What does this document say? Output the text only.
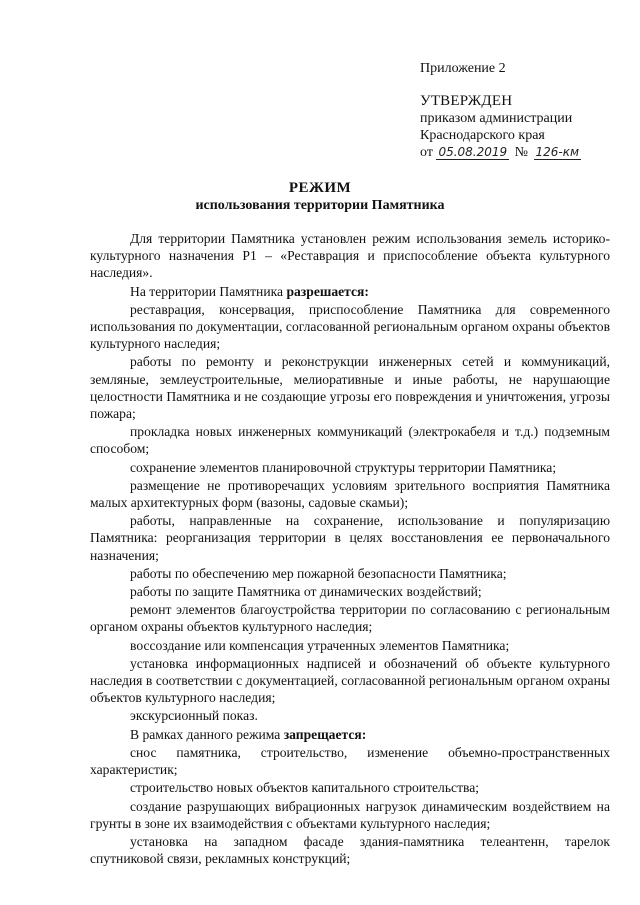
Приложение 2
УТВЕРЖДЕН
приказом администрации
Краснодарского края
от 05.08.2019 № 126-км
РЕЖИМ
использования территории Памятника

Для территории Памятника установлен режим использования земель историко-культурного назначения Р1 – «Реставрация и приспособление объекта культурного наследия».

На территории Памятника разрешается:

реставрация, консервация, приспособление Памятника для современного использования по документации, согласованной региональным органом охраны объектов культурного наследия;

работы по ремонту и реконструкции инженерных сетей и коммуникаций, земляные, землеустроительные, мелиоративные и иные работы, не нарушающие целостности Памятника и не создающие угрозы его повреждения и уничтожения, угрозы пожара;

прокладка новых инженерных коммуникаций (электрокабеля и т.д.) подземным способом;

сохранение элементов планировочной структуры территории Памятника;

размещение не противоречащих условиям зрительного восприятия Памятника малых архитектурных форм (вазоны, садовые скамьи);

работы, направленные на сохранение, использование и популяризацию Памятника: реорганизация территории в целях восстановления ее первоначального назначения;

работы по обеспечению мер пожарной безопасности Памятника;

работы по защите Памятника от динамических воздействий;

ремонт элементов благоустройства территории по согласованию с региональным органом охраны объектов культурного наследия;

воссоздание или компенсация утраченных элементов Памятника;

установка информационных надписей и обозначений об объекте культурного наследия в соответствии с документацией, согласованной региональным органом охраны объектов культурного наследия;

экскурсионный показ.

В рамках данного режима запрещается:

снос памятника, строительство, изменение объемно-пространственных характеристик;

строительство новых объектов капитального строительства;

создание разрушающих вибрационных нагрузок динамическим воздействием на грунты в зоне их взаимодействия с объектами культурного наследия;

установка на западном фасаде здания-памятника телеантенн, тарелок спутниковой связи, рекламных конструкций;
